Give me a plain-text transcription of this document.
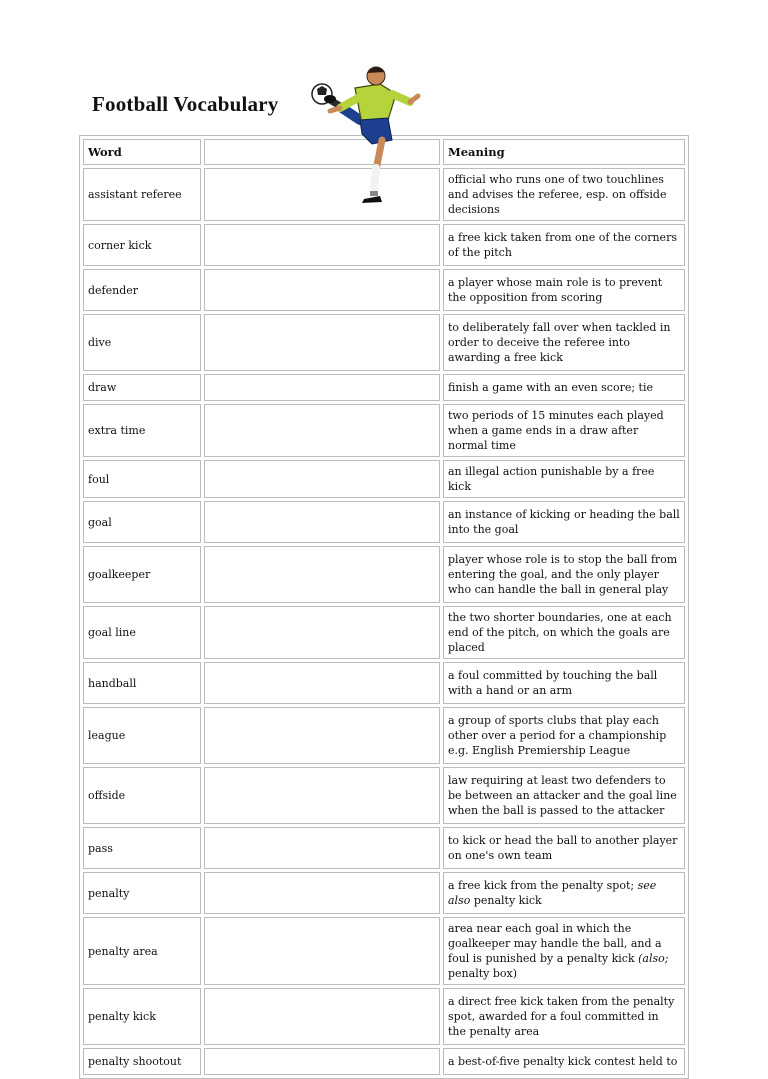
Football Vocabulary
Word		Meaning
assistant referee		official who runs one of two touchlines and advises the referee, esp. on offside decisions
corner kick		a free kick taken from one of the corners of the pitch
defender		a player whose main role is to prevent the opposition from scoring
dive		to deliberately fall over when tackled in order to deceive the referee into awarding a free kick
draw		finish a game with an even score; tie
extra time		two periods of 15 minutes each played when a game ends in a draw after normal time
foul		an illegal action punishable by a free kick
goal		an instance of kicking or heading the ball into the goal
goalkeeper		player whose role is to stop the ball from entering the goal, and the only player who can handle the ball in general play
goal line		the two shorter boundaries, one at each end of the pitch, on which the goals are placed
handball		a foul committed by touching the ball with a hand or an arm
league		a group of sports clubs that play each other over a period for a championship e.g. English Premiership League
offside		law requiring at least two defenders to be between an attacker and the goal line when the ball is passed to the attacker
pass		to kick or head the ball to another player on one's own team
penalty		a free kick from the penalty spot; see also penalty kick
penalty area		area near each goal in which the goalkeeper may handle the ball, and a foul is punished by a penalty kick (also; penalty box)
penalty kick		a direct free kick taken from the penalty spot, awarded for a foul committed in the penalty area
penalty shootout		a best-of-five penalty kick contest held to
